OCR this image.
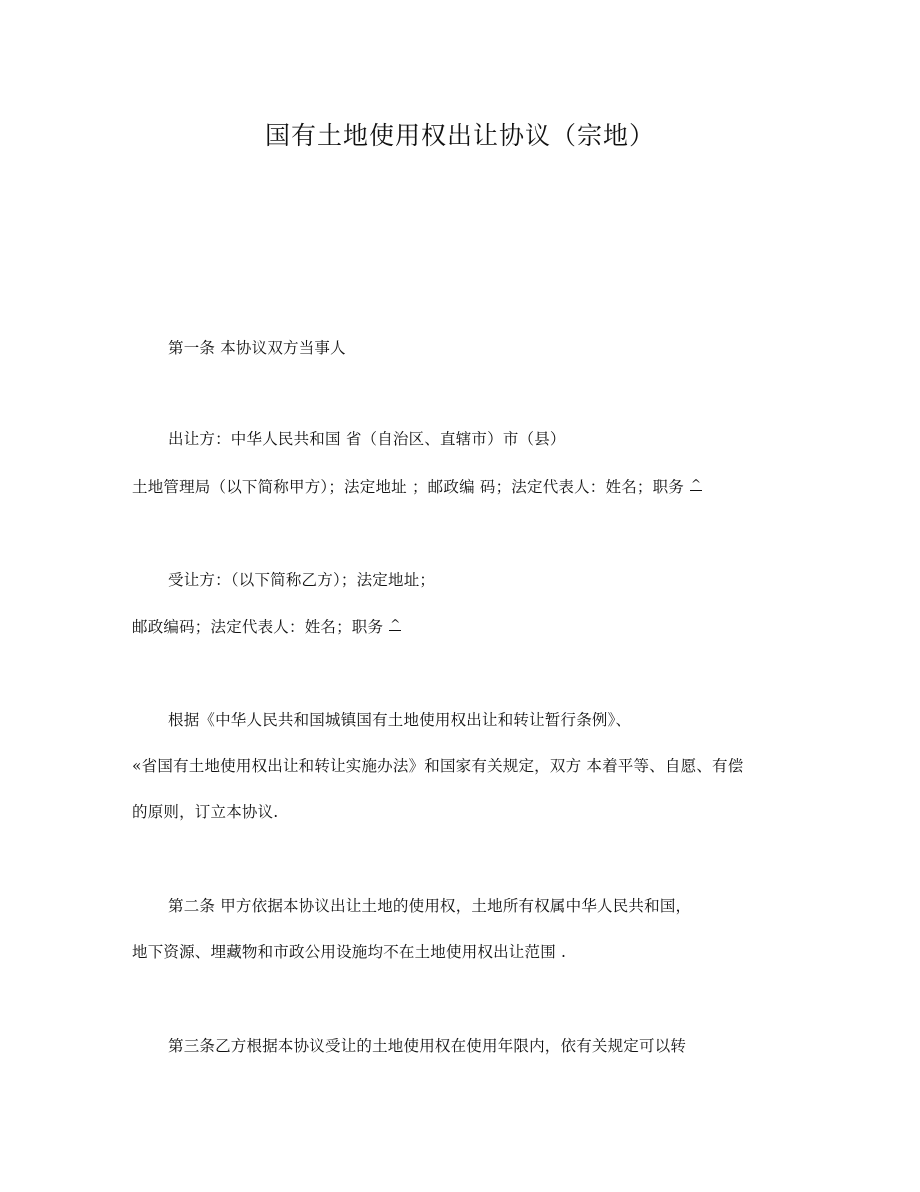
国有土地使用权出让协议（宗地）
第一条 本协议双方当事人
出让方：中华人民共和国 省（自治区、直辖市）市（县）
土地管理局（以下简称甲方）；法定地址 ；邮政编 码；法定代表人：姓名；职务 ^
受让方：（以下简称乙方）；法定地址；
邮政编码；法定代表人：姓名；职务 ^
根据《中华人民共和国城镇国有土地使用权出让和转让暂行条例》、
«省国有土地使用权出让和转让实施办法》和国家有关规定，双方 本着平等、自愿、有偿
的原则，订立本协议.
第二条 甲方依据本协议出让土地的使用权，土地所有权属中华人民共和国，
地下资源、埋藏物和市政公用设施均不在土地使用权出让范围 .
第三条乙方根据本协议受让的土地使用权在使用年限内，依有关规定可以转
